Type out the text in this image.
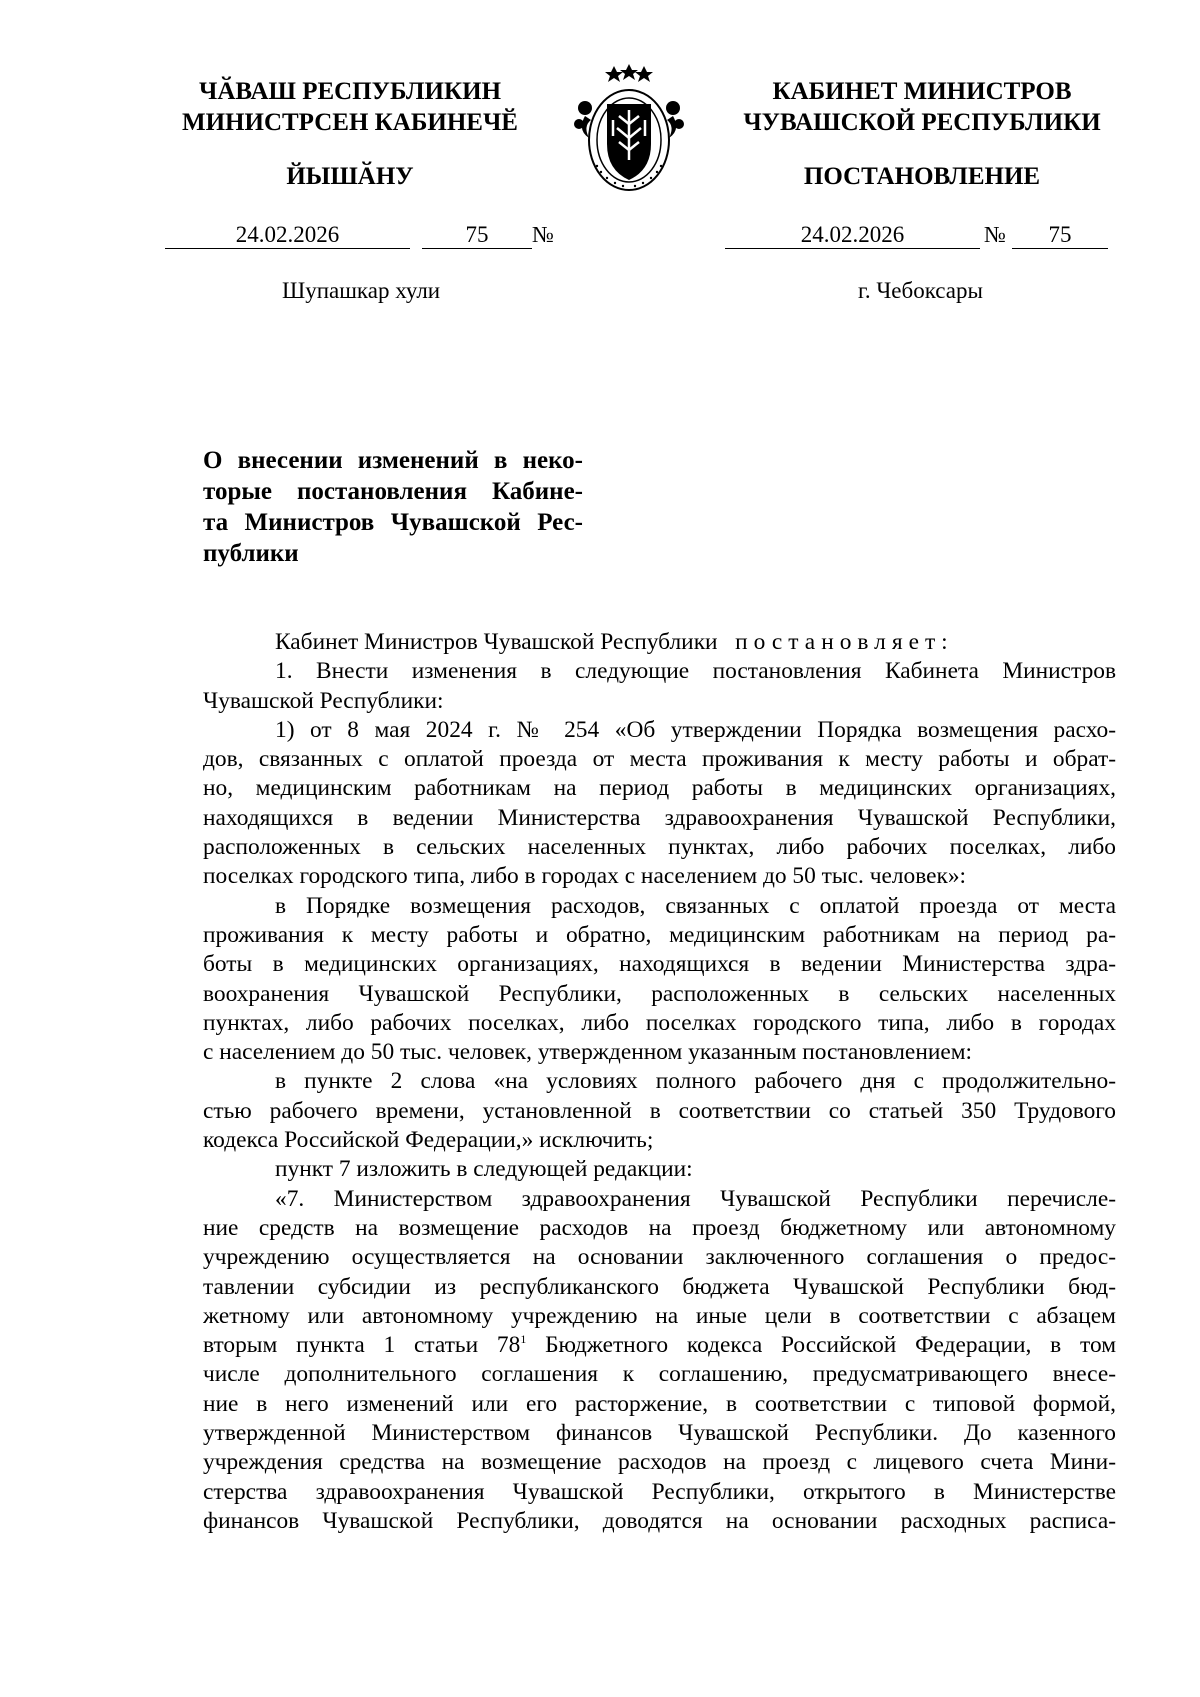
ЧӐВАШ РЕСПУБЛИКИН
МИНИСТРСЕН КАБИНЕЧӖ
ЙЫШӐНУ
КАБИНЕТ МИНИСТРОВ
ЧУВАШСКОЙ РЕСПУБЛИКИ
ПОСТАНОВЛЕНИЕ
24.02.2026	75	№	24.02.2026	№	75
Шупашкар хули	г. Чебоксары
О внесении изменений в неко-
торые постановления Кабине-
та Министров Чувашской Рес-
публики
Кабинет Министров Чувашской Республики постановляет:
1. Внести изменения в следующие постановления Кабинета Министров
Чувашской Республики:
1) от 8 мая 2024 г. № 254 «Об утверждении Порядка возмещения расхо-
дов, связанных с оплатой проезда от места проживания к месту работы и обрат-
но, медицинским работникам на период работы в медицинских организациях,
находящихся в ведении Министерства здравоохранения Чувашской Республики,
расположенных в сельских населенных пунктах, либо рабочих поселках, либо
поселках городского типа, либо в городах с населением до 50 тыс. человек»:
в Порядке возмещения расходов, связанных с оплатой проезда от места
проживания к месту работы и обратно, медицинским работникам на период ра-
боты в медицинских организациях, находящихся в ведении Министерства здра-
воохранения Чувашской Республики, расположенных в сельских населенных
пунктах, либо рабочих поселках, либо поселках городского типа, либо в городах
с населением до 50 тыс. человек, утвержденном указанным постановлением:
в пункте 2 слова «на условиях полного рабочего дня с продолжительно-
стью рабочего времени, установленной в соответствии со статьей 350 Трудового
кодекса Российской Федерации,» исключить;
пункт 7 изложить в следующей редакции:
«7. Министерством здравоохранения Чувашской Республики перечисле-
ние средств на возмещение расходов на проезд бюджетному или автономному
учреждению осуществляется на основании заключенного соглашения о предос-
тавлении субсидии из республиканского бюджета Чувашской Республики бюд-
жетному или автономному учреждению на иные цели в соответствии с абзацем
вторым пункта 1 статьи $78^1$ Бюджетного кодекса Российской Федерации, в том
числе дополнительного соглашения к соглашению, предусматривающего внесе-
ние в него изменений или его расторжение, в соответствии с типовой формой,
утвержденной Министерством финансов Чувашской Республики. До казенного
учреждения средства на возмещение расходов на проезд с лицевого счета Мини-
стерства здравоохранения Чувашской Республики, открытого в Министерстве
финансов Чувашской Республики, доводятся на основании расходных расписа-
